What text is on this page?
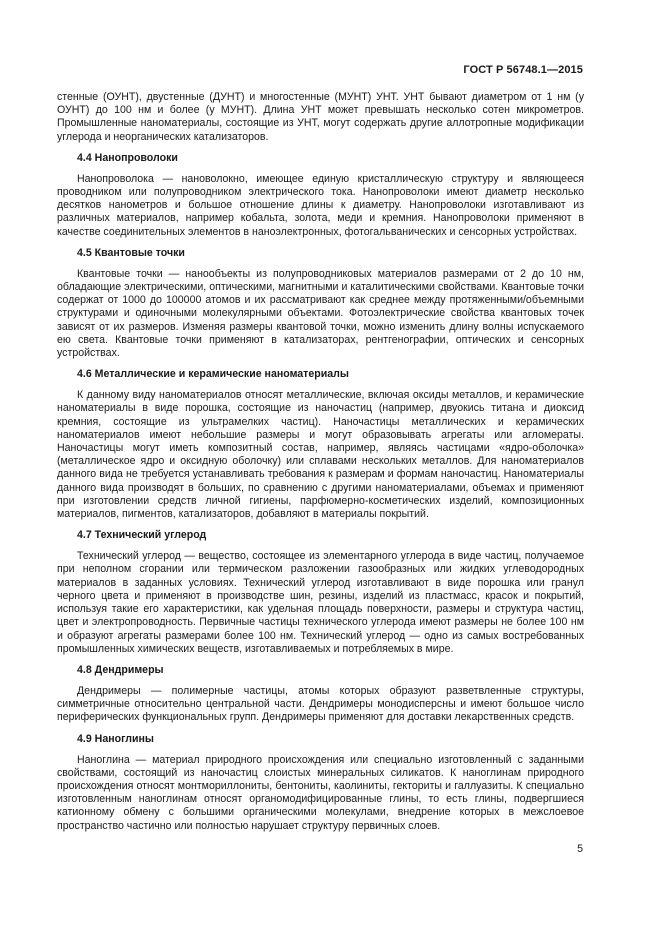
ГОСТ Р 56748.1—2015

стенные (ОУНТ), двустенные (ДУНТ) и многостенные (МУНТ) УНТ. УНТ бывают диаметром от 1 нм (у ОУНТ) до 100 нм и более (у МУНТ). Длина УНТ может превышать несколько сотен микрометров. Промышленные наноматериалы, состоящие из УНТ, могут содержать другие аллотропные модификации углерода и неорганических катализаторов.

4.4 Нанопроволоки

Нанопроволока — нановолокно, имеющее единую кристаллическую структуру и являющееся проводником или полупроводником электрического тока. Нанопроволоки имеют диаметр несколько десятков нанометров и большое отношение длины к диаметру. Нанопроволоки изготавливают из различных материалов, например кобальта, золота, меди и кремния. Нанопроволоки применяют в качестве соединительных элементов в наноэлектронных, фотогальванических и сенсорных устройствах.

4.5 Квантовые точки

Квантовые точки — нанообъекты из полупроводниковых материалов размерами от 2 до 10 нм, обладающие электрическими, оптическими, магнитными и каталитическими свойствами. Квантовые точки содержат от 1000 до 100000 атомов и их рассматривают как среднее между протяженными/объемными структурами и одиночными молекулярными объектами. Фотоэлектрические свойства квантовых точек зависят от их размеров. Изменяя размеры квантовой точки, можно изменить длину волны испускаемого ею света. Квантовые точки применяют в катализаторах, рентгенографии, оптических и сенсорных устройствах.

4.6 Металлические и керамические наноматериалы

К данному виду наноматериалов относят металлические, включая оксиды металлов, и керамические наноматериалы в виде порошка, состоящие из наночастиц (например, двуокись титана и диоксид кремния, состоящие из ультрамелких частиц). Наночастицы металлических и керамических наноматериалов имеют небольшие размеры и могут образовывать агрегаты или агломераты. Наночастицы могут иметь композитный состав, например, являясь частицами «ядро-оболочка» (металлическое ядро и оксидную оболочку) или сплавами нескольких металлов. Для наноматериалов данного вида не требуется устанавливать требования к размерам и формам наночастиц. Наноматериалы данного вида производят в больших, по сравнению с другими наноматериалами, объемах и применяют при изготовлении средств личной гигиены, парфюмерно-косметических изделий, композиционных материалов, пигментов, катализаторов, добавляют в материалы покрытий.

4.7 Технический углерод

Технический углерод — вещество, состоящее из элементарного углерода в виде частиц, получаемое при неполном сгорании или термическом разложении газообразных или жидких углеводородных материалов в заданных условиях. Технический углерод изготавливают в виде порошка или гранул черного цвета и применяют в производстве шин, резины, изделий из пластмасс, красок и покрытий, используя такие его характеристики, как удельная площадь поверхности, размеры и структура частиц, цвет и электропроводность. Первичные частицы технического углерода имеют размеры не более 100 нм и образуют агрегаты размерами более 100 нм. Технический углерод — одно из самых востребованных промышленных химических веществ, изготавливаемых и потребляемых в мире.

4.8 Дендримеры

Дендримеры — полимерные частицы, атомы которых образуют разветвленные структуры, симметричные относительно центральной части. Дендримеры монодисперсны и имеют большое число периферических функциональных групп. Дендримеры применяют для доставки лекарственных средств.

4.9 Наноглины

Наноглина — материал природного происхождения или специально изготовленный с заданными свойствами, состоящий из наночастиц слоистых минеральных силикатов. К наноглинам природного происхождения относят монтмориллониты, бентониты, каолиниты, гекториты и галлуазиты. К специально изготовленным наноглинам относят органомодифицированные глины, то есть глины, подвергшиеся катионному обмену с большими органическими молекулами, внедрение которых в межслоевое пространство частично или полностью нарушает структуру первичных слоев.

5
